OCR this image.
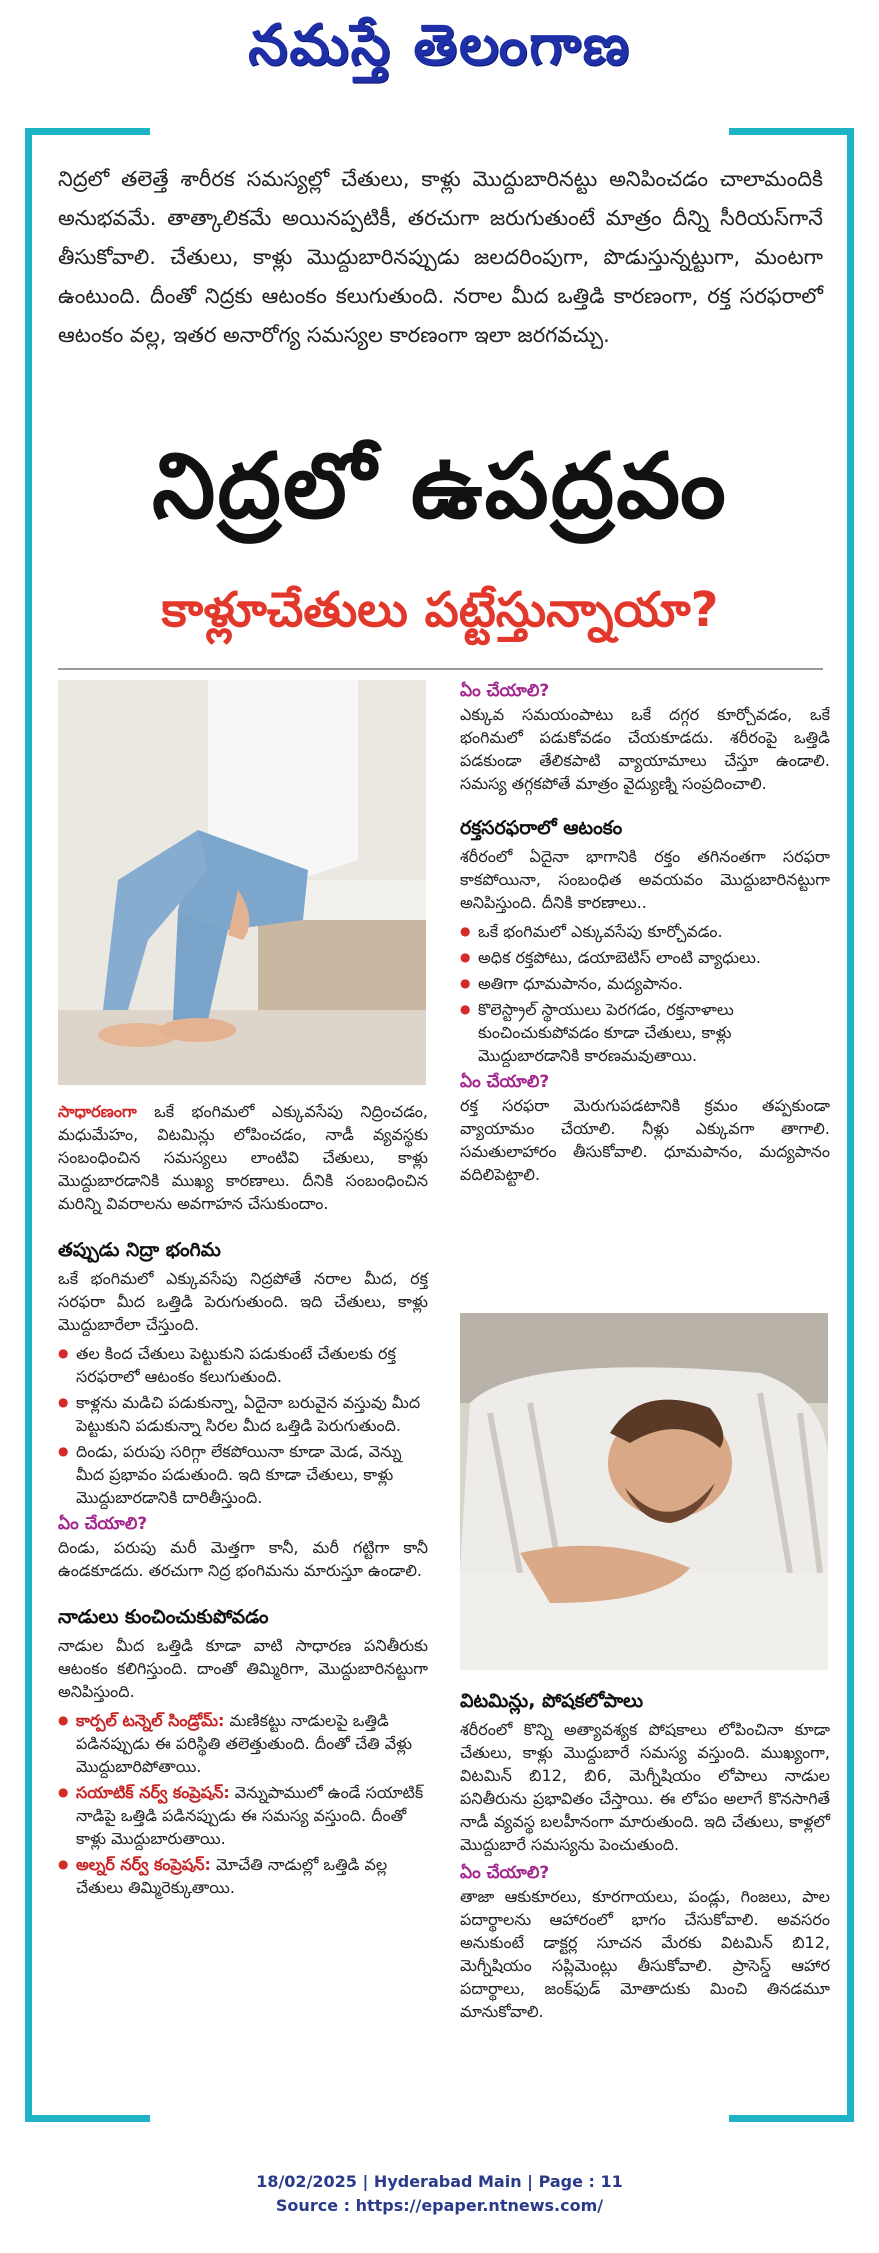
నమస్తే తెలంగాణ

నిద్రలో తలెత్తే శారీరక సమస్యల్లో చేతులు, కాళ్లు మొద్దుబారినట్టు అనిపించడం చాలామందికి అనుభవమే. తాత్కాలికమే అయినప్పటికీ, తరచుగా జరుగుతుంటే మాత్రం దీన్ని సీరియస్‌గానే తీసుకోవాలి. చేతులు, కాళ్లు మొద్దుబారినప్పుడు జలదరింపుగా, పొడుస్తున్నట్టుగా, మంటగా ఉంటుంది. దీంతో నిద్రకు ఆటంకం కలుగుతుంది. నరాల మీద ఒత్తిడి కారణంగా, రక్త సరఫరాలో ఆటంకం వల్ల, ఇతర అనారోగ్య సమస్యల కారణంగా ఇలా జరగవచ్చు.

నిద్రలో ఉపద్రవం
కాళ్లూచేతులు పట్టేస్తున్నాయా?

సాధారణంగా ఒకే భంగిమలో ఎక్కువసేపు నిద్రించడం, మధుమేహం, విటమిన్లు లోపించడం, నాడీ వ్యవస్థకు సంబంధించిన సమస్యలు లాంటివి చేతులు, కాళ్లు మొద్దుబారడానికి ముఖ్య కారణాలు. దీనికి సంబంధించిన మరిన్ని వివరాలను అవగాహన చేసుకుందాం.

తప్పుడు నిద్రా భంగిమ

ఒకే భంగిమలో ఎక్కువసేపు నిద్రపోతే నరాల మీద, రక్త సరఫరా మీద ఒత్తిడి పెరుగుతుంది. ఇది చేతులు, కాళ్లు మొద్దుబారేలా చేస్తుంది.

● తల కింద చేతులు పెట్టుకుని పడుకుంటే చేతులకు రక్త సరఫరాలో ఆటంకం కలుగుతుంది.
● కాళ్లను మడిచి పడుకున్నా, ఏదైనా బరువైన వస్తువు మీద పెట్టుకుని పడుకున్నా సిరల మీద ఒత్తిడి పెరుగుతుంది.
● దిండు, పరుపు సరిగ్గా లేకపోయినా కూడా మెడ, వెన్ను మీద ప్రభావం పడుతుంది. ఇది కూడా చేతులు, కాళ్లు మొద్దుబారడానికి దారితీస్తుంది.

ఏం చేయాలి?

దిండు, పరుపు మరీ మెత్తగా కానీ, మరీ గట్టిగా కానీ ఉండకూడదు. తరచుగా నిద్ర భంగిమను మారుస్తూ ఉండాలి.

నాడులు కుంచించుకుపోవడం

నాడుల మీద ఒత్తిడి కూడా వాటి సాధారణ పనితీరుకు ఆటంకం కలిగిస్తుంది. దాంతో తిమ్మిరిగా, మొద్దుబారినట్టుగా అనిపిస్తుంది.

● కార్పల్ టన్నెల్ సిండ్రోమ్: మణికట్టు నాడులపై ఒత్తిడి పడినప్పుడు ఈ పరిస్థితి తలెత్తుతుంది. దీంతో చేతి వేళ్లు మొద్దుబారిపోతాయి.
● సయాటిక్ నర్వ్ కంప్రెషన్: వెన్నుపాములో ఉండే సయాటిక్ నాడిపై ఒత్తిడి పడినప్పుడు ఈ సమస్య వస్తుంది. దీంతో కాళ్లు మొద్దుబారుతాయి.
● అల్నర్ నర్వ్ కంప్రెషన్: మోచేతి నాడుల్లో ఒత్తిడి వల్ల చేతులు తిమ్మిరెక్కుతాయి.

ఏం చేయాలి?

ఎక్కువ సమయంపాటు ఒకే దగ్గర కూర్చోవడం, ఒకే భంగిమలో పడుకోవడం చేయకూడదు. శరీరంపై ఒత్తిడి పడకుండా తేలికపాటి వ్యాయామాలు చేస్తూ ఉండాలి. సమస్య తగ్గకపోతే మాత్రం వైద్యుణ్ని సంప్రదించాలి.

రక్తసరఫరాలో ఆటంకం

శరీరంలో ఏదైనా భాగానికి రక్తం తగినంతగా సరఫరా కాకపోయినా, సంబంధిత అవయవం మొద్దుబారినట్టుగా అనిపిస్తుంది. దీనికి కారణాలు..

● ఒకే భంగిమలో ఎక్కువసేపు కూర్చోవడం.
● అధిక రక్తపోటు, డయాబెటిస్ లాంటి వ్యాధులు.
● అతిగా ధూమపానం, మద్యపానం.
● కొలెస్ట్రాల్ స్థాయులు పెరగడం, రక్తనాళాలు కుంచించుకుపోవడం కూడా చేతులు, కాళ్లు మొద్దుబారడానికి కారణమవుతాయి.

ఏం చేయాలి?

రక్త సరఫరా మెరుగుపడటానికి క్రమం తప్పకుండా వ్యాయామం చేయాలి. నీళ్లు ఎక్కువగా తాగాలి. సమతులాహారం తీసుకోవాలి. ధూమపానం, మద్యపానం వదిలిపెట్టాలి.

విటమిన్లు, పోషకలోపాలు

శరీరంలో కొన్ని అత్యావశ్యక పోషకాలు లోపించినా కూడా చేతులు, కాళ్లు మొద్దుబారే సమస్య వస్తుంది. ముఖ్యంగా, విటమిన్ బి12, బి6, మెగ్నీషియం లోపాలు నాడుల పనితీరును ప్రభావితం చేస్తాయి. ఈ లోపం అలాగే కొనసాగితే నాడీ వ్యవస్థ బలహీనంగా మారుతుంది. ఇది చేతులు, కాళ్లలో మొద్దుబారే సమస్యను పెంచుతుంది.

ఏం చేయాలి?

తాజా ఆకుకూరలు, కూరగాయలు, పండ్లు, గింజలు, పాల పదార్థాలను ఆహారంలో భాగం చేసుకోవాలి. అవసరం అనుకుంటే డాక్టర్ల సూచన మేరకు విటమిన్ బి12, మెగ్నీషియం సప్లిమెంట్లు తీసుకోవాలి. ప్రాసెస్డ్ ఆహార పదార్థాలు, జంక్‌ఫుడ్ మోతాదుకు మించి తినడమూ మానుకోవాలి.

18/02/2025 | Hyderabad Main | Page : 11
Source : https://epaper.ntnews.com/
